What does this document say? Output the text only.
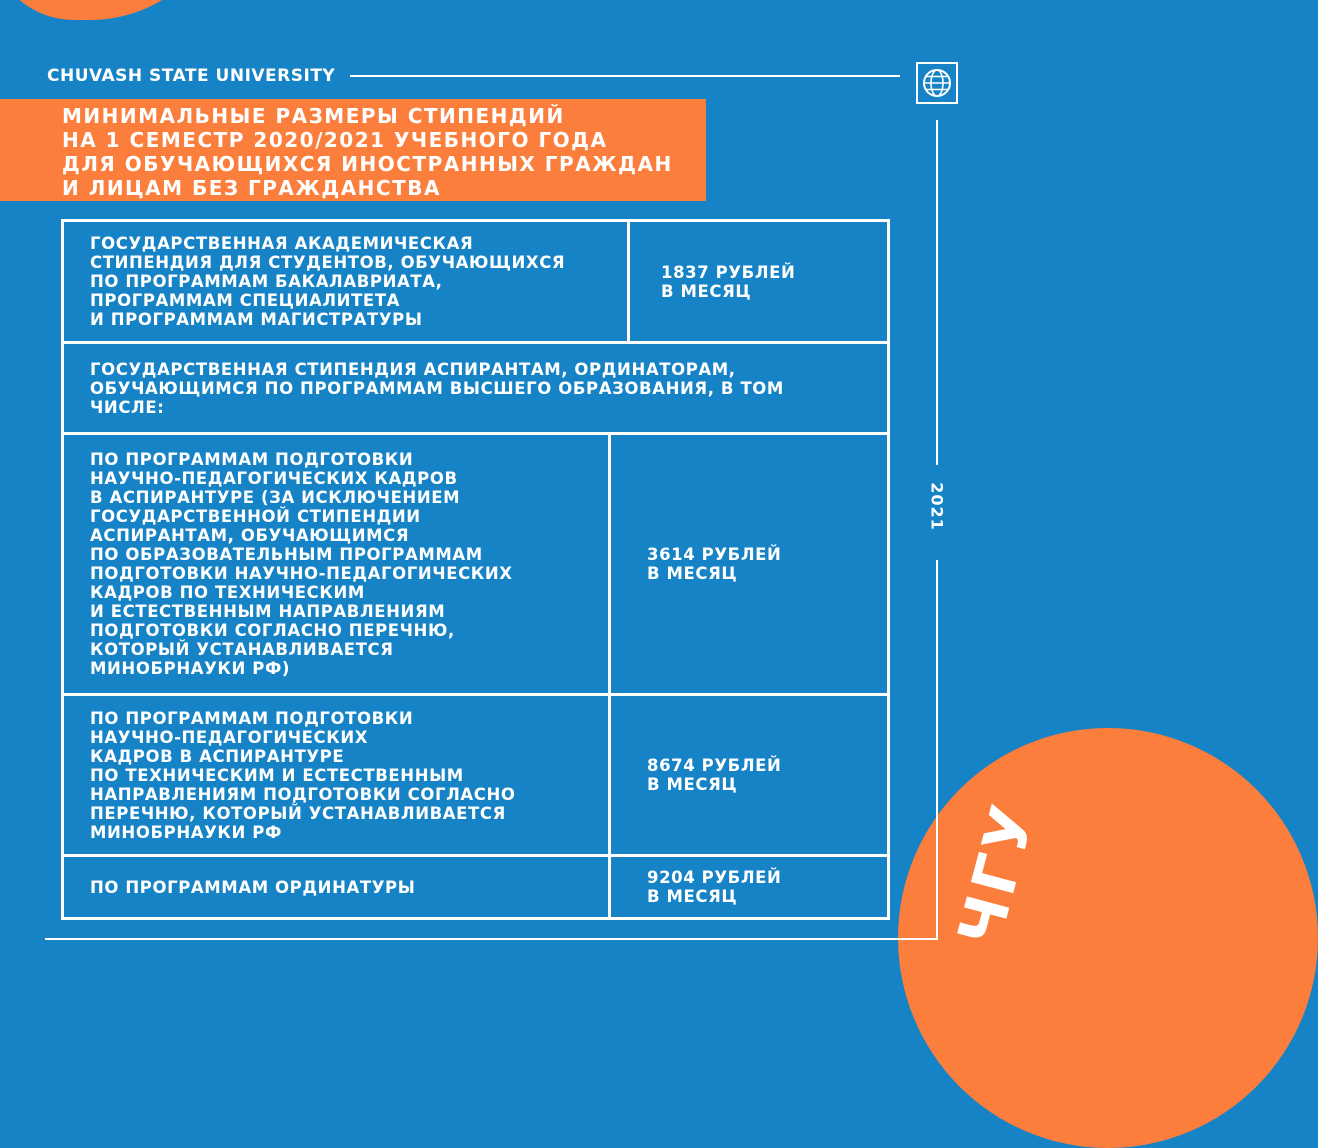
ЧГУ
CHUVASH STATE UNIVERSITY
2021
МИНИМАЛЬНЫЕ РАЗМЕРЫ СТИПЕНДИЙ
НА 1 СЕМЕСТР 2020/2021 УЧЕБНОГО ГОДА
ДЛЯ ОБУЧАЮЩИХСЯ ИНОСТРАННЫХ ГРАЖДАН
И ЛИЦАМ БЕЗ ГРАЖДАНСТВА
ГОСУДАРСТВЕННАЯ АКАДЕМИЧЕСКАЯ
СТИПЕНДИЯ ДЛЯ СТУДЕНТОВ, ОБУЧАЮЩИХСЯ
ПО ПРОГРАММАМ БАКАЛАВРИАТА,
ПРОГРАММАМ СПЕЦИАЛИТЕТА
И ПРОГРАММАМ МАГИСТРАТУРЫ
1837 РУБЛЕЙ
В МЕСЯЦ
ГОСУДАРСТВЕННАЯ СТИПЕНДИЯ АСПИРАНТАМ, ОРДИНАТОРАМ,
ОБУЧАЮЩИМСЯ ПО ПРОГРАММАМ ВЫСШЕГО ОБРАЗОВАНИЯ, В ТОМ
ЧИСЛЕ:
ПО ПРОГРАММАМ ПОДГОТОВКИ
НАУЧНО-ПЕДАГОГИЧЕСКИХ КАДРОВ
В АСПИРАНТУРЕ (ЗА ИСКЛЮЧЕНИЕМ
ГОСУДАРСТВЕННОЙ СТИПЕНДИИ
АСПИРАНТАМ, ОБУЧАЮЩИМСЯ
ПО ОБРАЗОВАТЕЛЬНЫМ ПРОГРАММАМ
ПОДГОТОВКИ НАУЧНО-ПЕДАГОГИЧЕСКИХ
КАДРОВ ПО ТЕХНИЧЕСКИМ
И ЕСТЕСТВЕННЫМ НАПРАВЛЕНИЯМ
ПОДГОТОВКИ СОГЛАСНО ПЕРЕЧНЮ,
КОТОРЫЙ УСТАНАВЛИВАЕТСЯ
МИНОБРНАУКИ РФ)
3614 РУБЛЕЙ
В МЕСЯЦ
ПО ПРОГРАММАМ ПОДГОТОВКИ
НАУЧНО-ПЕДАГОГИЧЕСКИХ
КАДРОВ В АСПИРАНТУРЕ
ПО ТЕХНИЧЕСКИМ И ЕСТЕСТВЕННЫМ
НАПРАВЛЕНИЯМ ПОДГОТОВКИ СОГЛАСНО
ПЕРЕЧНЮ, КОТОРЫЙ УСТАНАВЛИВАЕТСЯ
МИНОБРНАУКИ РФ
8674 РУБЛЕЙ
В МЕСЯЦ
ПО ПРОГРАММАМ ОРДИНАТУРЫ	9204 РУБЛЕЙ
В МЕСЯЦ
